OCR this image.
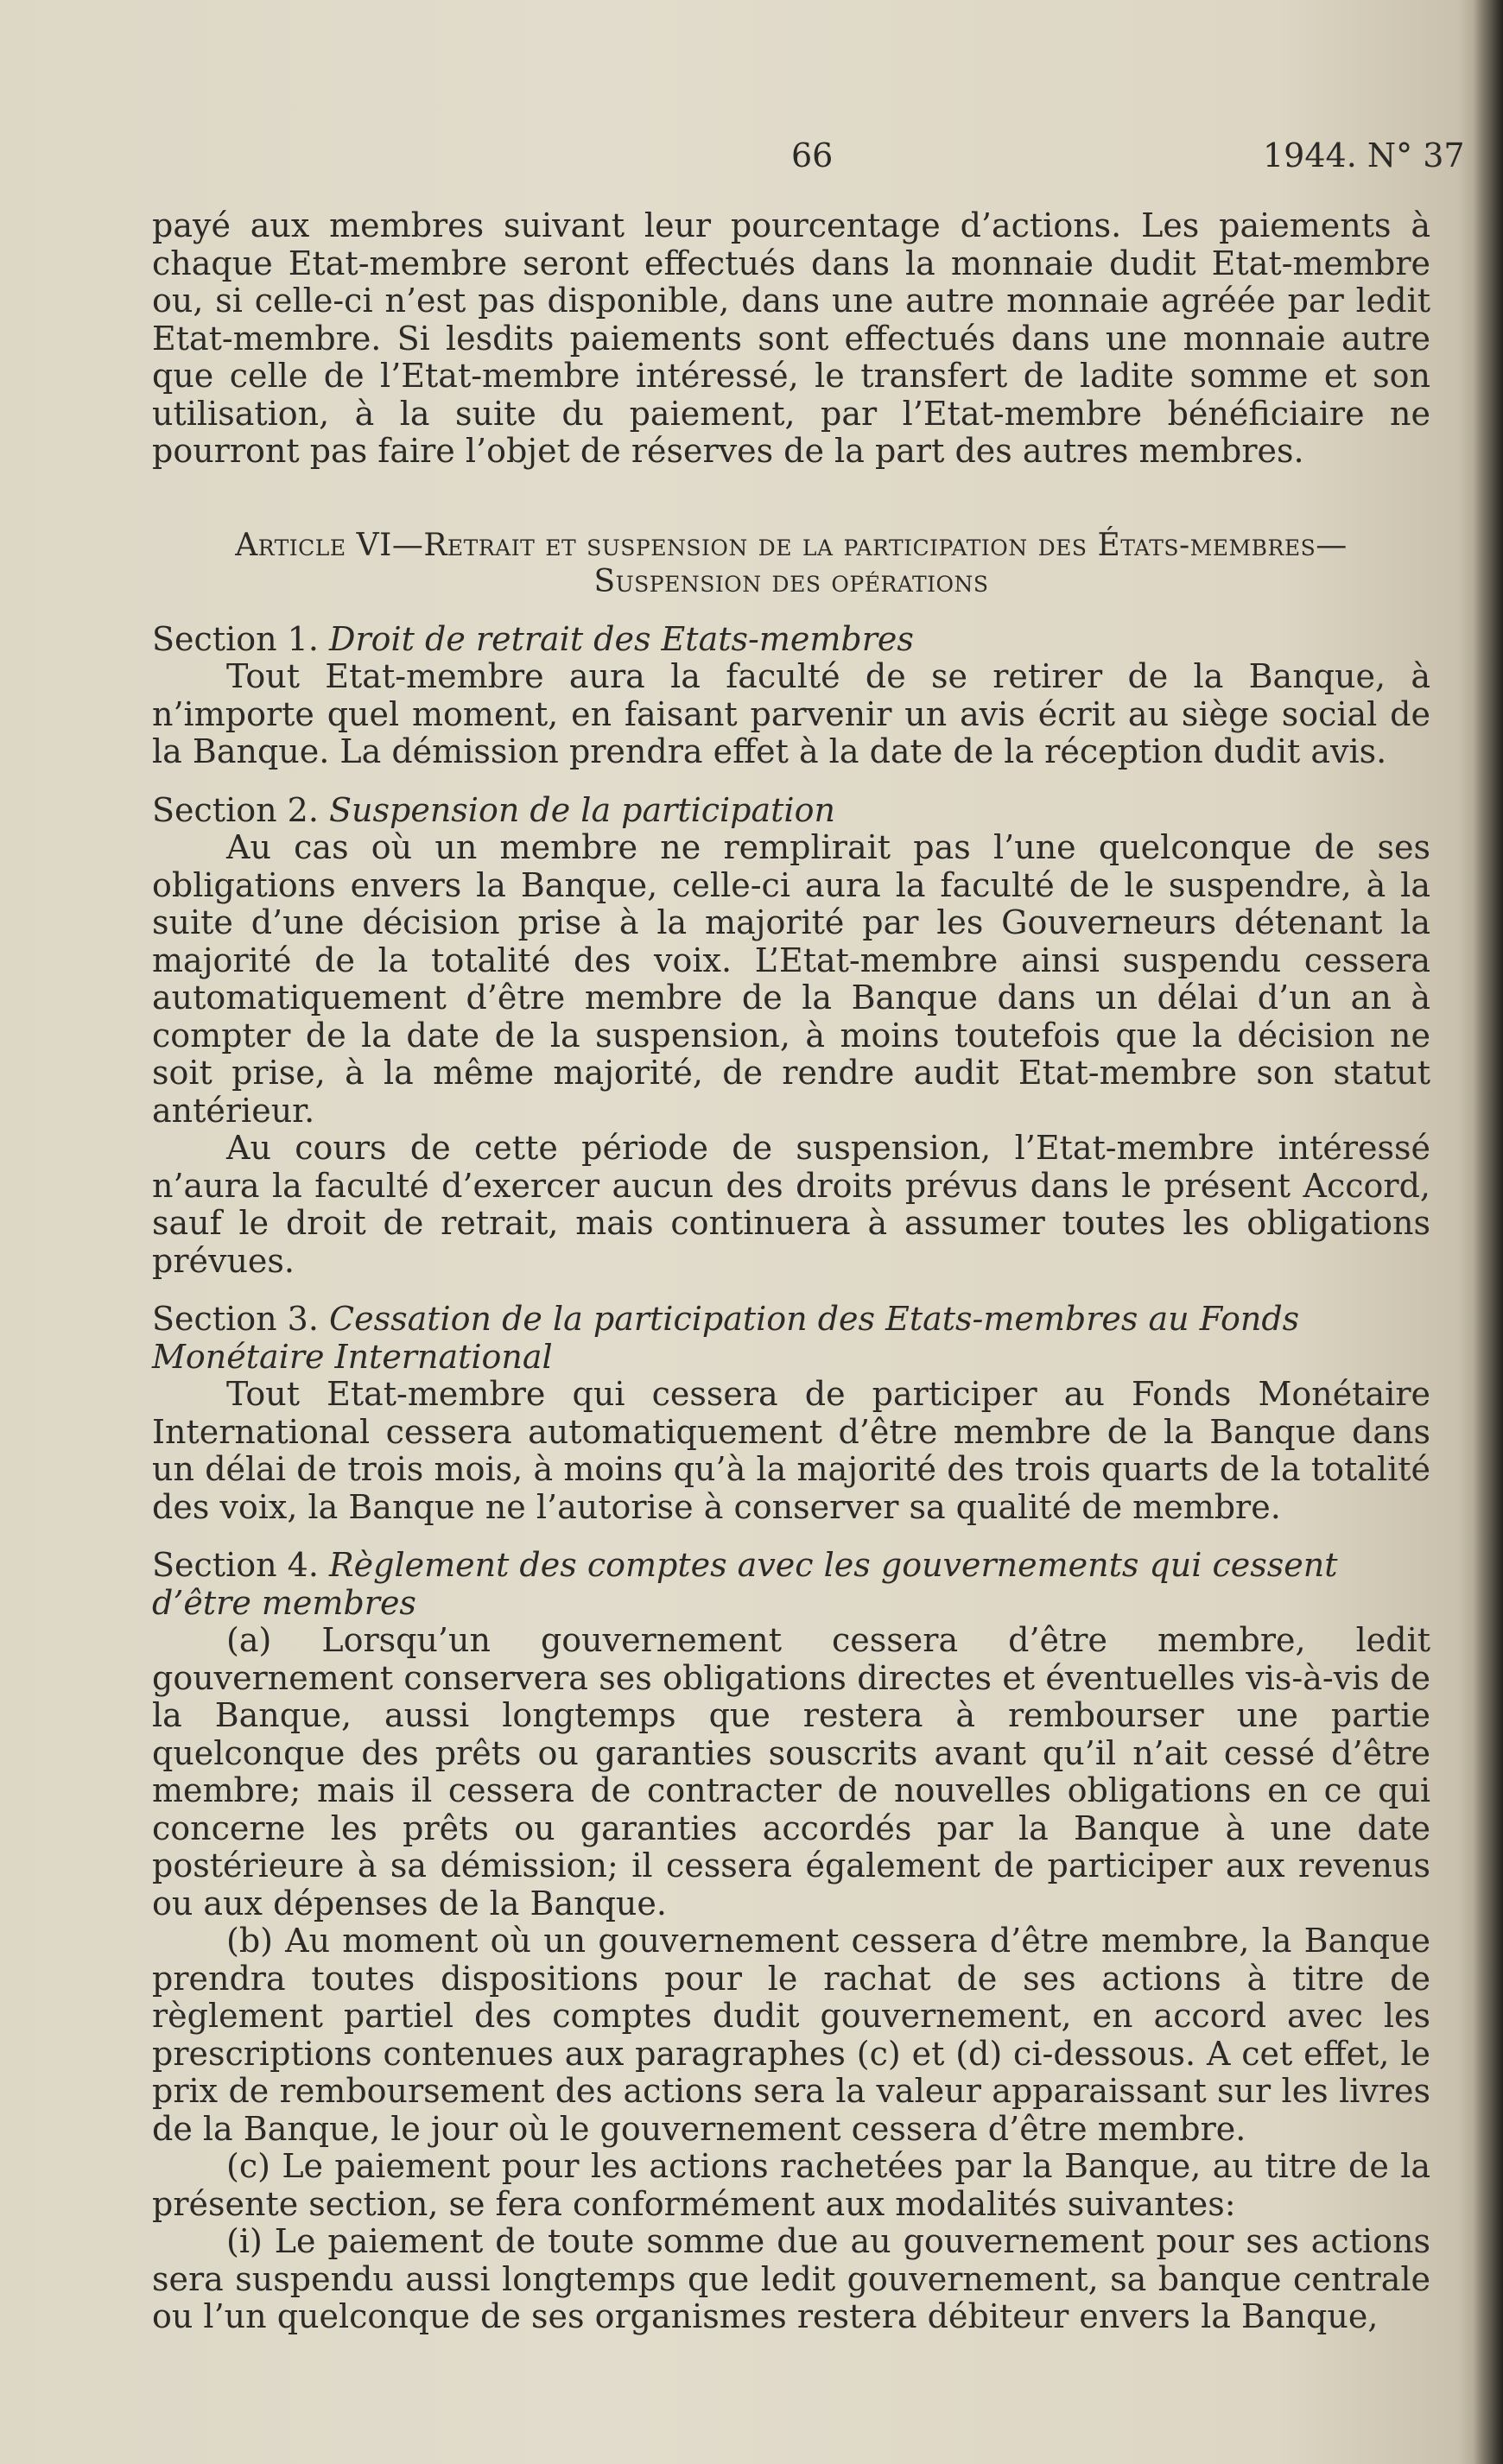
66	1944. N° 37

payé aux membres suivant leur pourcentage d’actions. Les paiements à chaque Etat-membre seront effectués dans la monnaie dudit Etat-membre ou, si celle-ci n’est pas disponible, dans une autre monnaie agréée par ledit Etat-membre. Si lesdits paiements sont effectués dans une monnaie autre que celle de l’Etat-membre intéressé, le transfert de ladite somme et son utilisation, à la suite du paiement, par l’Etat-membre bénéficiaire ne pourront pas faire l’objet de réserves de la part des autres membres.

Article VI—Retrait et suspension de la participation des États-membres—Suspension des opérations
Section 1. Droit de retrait des Etats-membres

Tout Etat-membre aura la faculté de se retirer de la Banque, à n’importe quel moment, en faisant parvenir un avis écrit au siège social de la Banque. La démission prendra effet à la date de la réception dudit avis.

Section 2. Suspension de la participation

Au cas où un membre ne remplirait pas l’une quelconque de ses obligations envers la Banque, celle-ci aura la faculté de le suspendre, à la suite d’une décision prise à la majorité par les Gouverneurs détenant la majorité de la totalité des voix. L’Etat-membre ainsi suspendu cessera automatiquement d’être membre de la Banque dans un délai d’un an à compter de la date de la suspension, à moins toutefois que la décision ne soit prise, à la même majorité, de rendre audit Etat-membre son statut antérieur.

Au cours de cette période de suspension, l’Etat-membre intéressé n’aura la faculté d’exercer aucun des droits prévus dans le présent Accord, sauf le droit de retrait, mais continuera à assumer toutes les obligations prévues.

Section 3. Cessation de la participation des Etats-membres au Fonds Monétaire International

Tout Etat-membre qui cessera de participer au Fonds Monétaire International cessera automatiquement d’être membre de la Banque dans un délai de trois mois, à moins qu’à la majorité des trois quarts de la totalité des voix, la Banque ne l’autorise à conserver sa qualité de membre.

Section 4. Règlement des comptes avec les gouvernements qui cessent d’être membres

(a) Lorsqu’un gouvernement cessera d’être membre, ledit gouvernement conservera ses obligations directes et éventuelles vis-à-vis de la Banque, aussi longtemps que restera à rembourser une partie quelconque des prêts ou garanties souscrits avant qu’il n’ait cessé d’être membre; mais il cessera de contracter de nouvelles obligations en ce qui concerne les prêts ou garanties accordés par la Banque à une date postérieure à sa démission; il cessera également de participer aux revenus ou aux dépenses de la Banque.

(b) Au moment où un gouvernement cessera d’être membre, la Banque prendra toutes dispositions pour le rachat de ses actions à titre de règlement partiel des comptes dudit gouvernement, en accord avec les prescriptions contenues aux paragraphes (c) et (d) ci-dessous. A cet effet, le prix de remboursement des actions sera la valeur apparaissant sur les livres de la Banque, le jour où le gouvernement cessera d’être membre.

(c) Le paiement pour les actions rachetées par la Banque, au titre de la présente section, se fera conformément aux modalités suivantes:

(i) Le paiement de toute somme due au gouvernement pour ses actions sera suspendu aussi longtemps que ledit gouvernement, sa banque centrale ou l’un quelconque de ses organismes restera débiteur envers la Banque,
